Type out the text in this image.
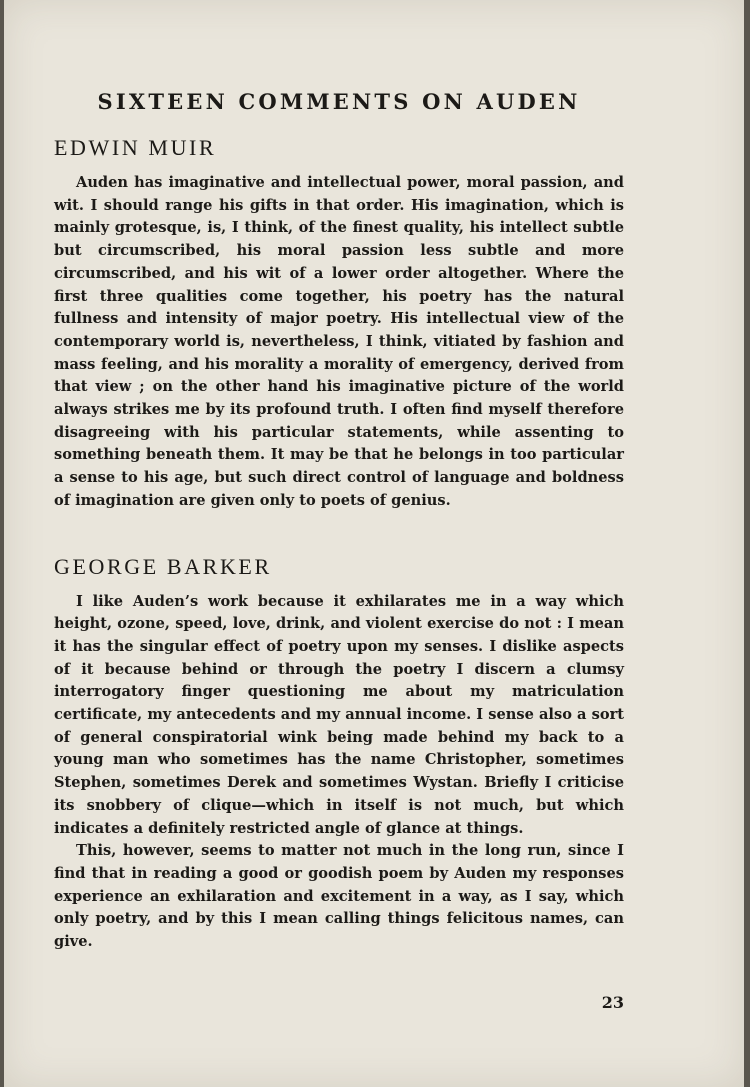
SIXTEEN COMMENTS ON AUDEN
EDWIN MUIR

Auden has imaginative and intellectual power, moral passion, and wit. I should range his gifts in that order. His imagination, which is mainly grotesque, is, I think, of the finest quality, his intellect subtle but circumscribed, his moral passion less subtle and more circumscribed, and his wit of a lower order altogether. Where the first three qualities come together, his poetry has the natural fullness and intensity of major poetry. His intellectual view of the contemporary world is, nevertheless, I think, vitiated by fashion and mass feeling, and his morality a morality of emergency, derived from that view ; on the other hand his imaginative picture of the world always strikes me by its profound truth. I often find myself therefore disagreeing with his particular statements, while assenting to something beneath them. It may be that he belongs in too particular a sense to his age, but such direct control of language and boldness of imagination are given only to poets of genius.

GEORGE BARKER

I like Auden’s work because it exhilarates me in a way which height, ozone, speed, love, drink, and violent exercise do not : I mean it has the singular effect of poetry upon my senses. I dislike aspects of it because behind or through the poetry I discern a clumsy interrogatory finger questioning me about my matriculation certificate, my antecedents and my annual income. I sense also a sort of general conspiratorial wink being made behind my back to a young man who sometimes has the name Christopher, sometimes Stephen, sometimes Derek and sometimes Wystan. Briefly I criticise its snobbery of clique—which in itself is not much, but which indicates a definitely restricted angle of glance at things.

This, however, seems to matter not much in the long run, since I find that in reading a good or goodish poem by Auden my responses experience an exhilaration and excitement in a way, as I say, which only poetry, and by this I mean calling things felicitous names, can give.

23
